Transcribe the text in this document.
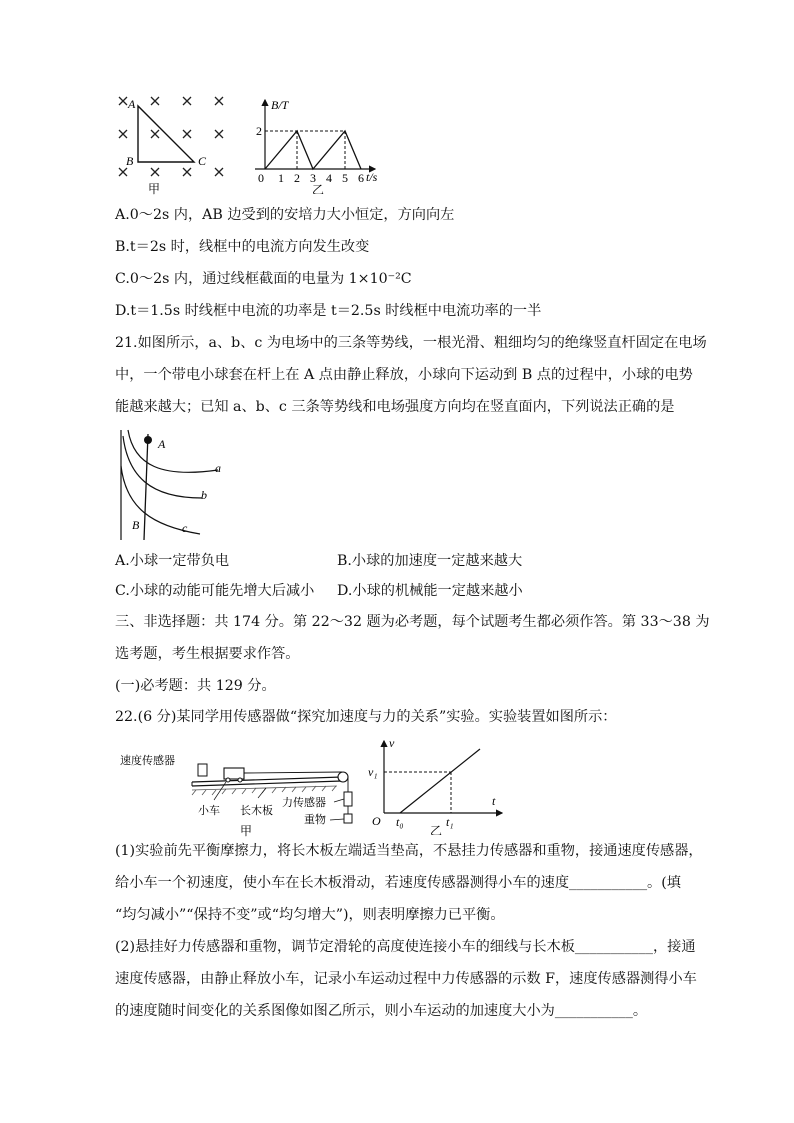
A
B	C
甲
B/T
t/s
2
0 1 2 3 4 5 6
乙
A.0～2s 内，AB 边受到的安培力大小恒定，方向向左
B.t＝2s 时，线框中的电流方向发生改变
C.0～2s 内，通过线框截面的电量为 1×10⁻²C
D.t＝1.5s 时线框中电流的功率是 t＝2.5s 时线框中电流功率的一半
21.如图所示，a、b、c 为电场中的三条等势线，一根光滑、粗细均匀的绝缘竖直杆固定在电场
中，一个带电小球套在杆上在 A 点由静止释放，小球向下运动到 B 点的过程中，小球的电势
能越来越大；已知 a、b、c 三条等势线和电场强度方向均在竖直面内，下列说法正确的是
A
B
a
b
c
A.小球一定带负电	B.小球的加速度一定越来越大
C.小球的动能可能先增大后减小 D.小球的机械能一定越来越小
三、非选择题：共 174 分。第 22～32 题为必考题，每个试题考生都必须作答。第 33～38 为
选考题，考生根据要求作答。
(一)必考题：共 129 分。
22.(6 分)某同学用传感器做“探究加速度与力的关系”实验。实验装置如图所示：
速度传感器
小车 长木板
力传感器
重物
甲
v
t
O
v₁
t₀	t₁
乙
(1)实验前先平衡摩擦力，将长木板左端适当垫高，不悬挂力传感器和重物，接通速度传感器，
给小车一个初速度，使小车在长木板滑动，若速度传感器测得小车的速度___________。(填
“均匀减小”“保持不变”或“均匀增大”)，则表明摩擦力已平衡。
(2)悬挂好力传感器和重物，调节定滑轮的高度使连接小车的细线与长木板___________，接通
速度传感器，由静止释放小车，记录小车运动过程中力传感器的示数 F，速度传感器测得小车
的速度随时间变化的关系图像如图乙所示，则小车运动的加速度大小为___________。
